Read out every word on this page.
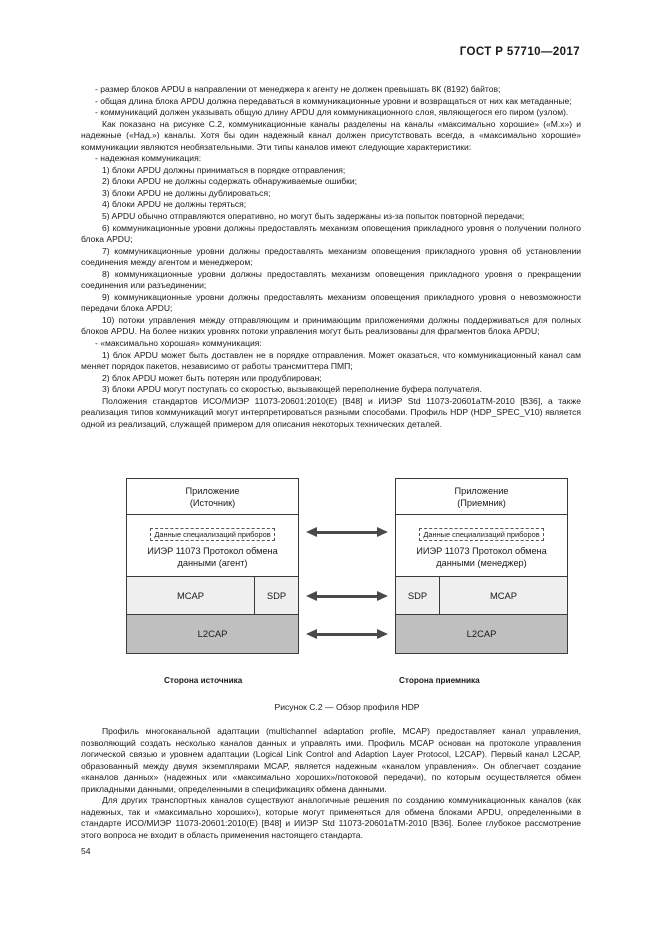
ГОСТ Р 57710—2017

- размер блоков APDU в направлении от менеджера к агенту не должен превышать 8К (8192) байтов;

- общая длина блока APDU должна передаваться в коммуникационные уровни и возвращаться от них как метаданные;

- коммуникаций должен указывать общую длину APDU для коммуникационного слоя, являющегося его пиром (узлом).

Как показано на рисунке С.2, коммуникационные каналы разделены на каналы «максимально хорошие» («М.х») и надежные («Над.») каналы. Хотя бы один надежный канал должен присутствовать всегда, а «максимально хорошие» коммуникации являются необязательными. Эти типы каналов имеют следующие характеристики:

- надежная коммуникация:

1) блоки APDU должны приниматься в порядке отправления;

2) блоки APDU не должны содержать обнаруживаемые ошибки;

3) блоки APDU не должны дублироваться;

4) блоки APDU не должны теряться;

5) APDU обычно отправляются оперативно, но могут быть задержаны из-за попыток повторной передачи;

6) коммуникационные уровни должны предоставлять механизм оповещения прикладного уровня о получении полного блока APDU;

7) коммуникационные уровни должны предоставлять механизм оповещения прикладного уровня об установлении соединения между агентом и менеджером;

8) коммуникационные уровни должны предоставлять механизм оповещения прикладного уровня о прекращении соединения или разъединении;

9) коммуникационные уровни должны предоставлять механизм оповещения прикладного уровня о невозможности передачи блока APDU;

10) потоки управления между отправляющим и принимающим приложениями должны поддерживаться для полных блоков APDU. На более низких уровнях потоки управления могут быть реализованы для фрагментов блока APDU;

- «максимально хорошая» коммуникация:

1) блок APDU может быть доставлен не в порядке отправления. Может оказаться, что коммуникационный канал сам меняет порядок пакетов, независимо от работы трансмиттера ПМП;

2) блок APDU может быть потерян или продублирован;

3) блоки APDU могут поступать со скоростью, вызывающей переполнение буфера получателя.

Положения стандартов ИСО/МИЭР 11073-20601:2010(E) [B48] и ИИЭР Std 11073-20601aTM-2010 [B36], а также реализация типов коммуникаций могут интерпретироваться разными способами. Профиль HDP (HDP_SPEC_V10) является одной из реализаций, служащей примером для описания некоторых технических деталей.

Приложение
(Источник)
Данные специализаций приборов
ИИЭР 11073 Протокол обмена
данными (агент)
MCAP	SDP
L2CAP
Приложение
(Приемник)
Данные специализаций приборов
ИИЭР 11073 Протокол обмена
данными (менеджер)
SDP	MCAP
L2CAP
Сторона источника	Сторона приемника
Рисунок С.2 — Обзор профиля HDP

Профиль многоканальной адаптации (multichannel adaptation profile, MCAP) предоставляет канал управления, позволяющий создать несколько каналов данных и управлять ими. Профиль MCAP основан на протоколе управления логической связью и уровнем адаптации (Logical Link Control and Adaption Layer Protocol, L2CAP). Первый канал L2CAP, образованный между двумя экземплярами MCAP, является надежным «каналом управления». Он облегчает создание «каналов данных» (надежных или «максимально хороших»/потоковой передачи), по которым осуществляется обмен прикладными данными, определенными в спецификациях обмена данными.

Для других транспортных каналов существуют аналогичные решения по созданию коммуникационных каналов (как надежных, так и «максимально хороших»), которые могут применяться для обмена блоками APDU, определенными в стандарте ИСО/МИЭР 11073-20601:2010(E) [B48] и ИИЭР Std 11073-20601aTM-2010 [B36]. Более глубокое рассмотрение этого вопроса не входит в область применения настоящего стандарта.

54
